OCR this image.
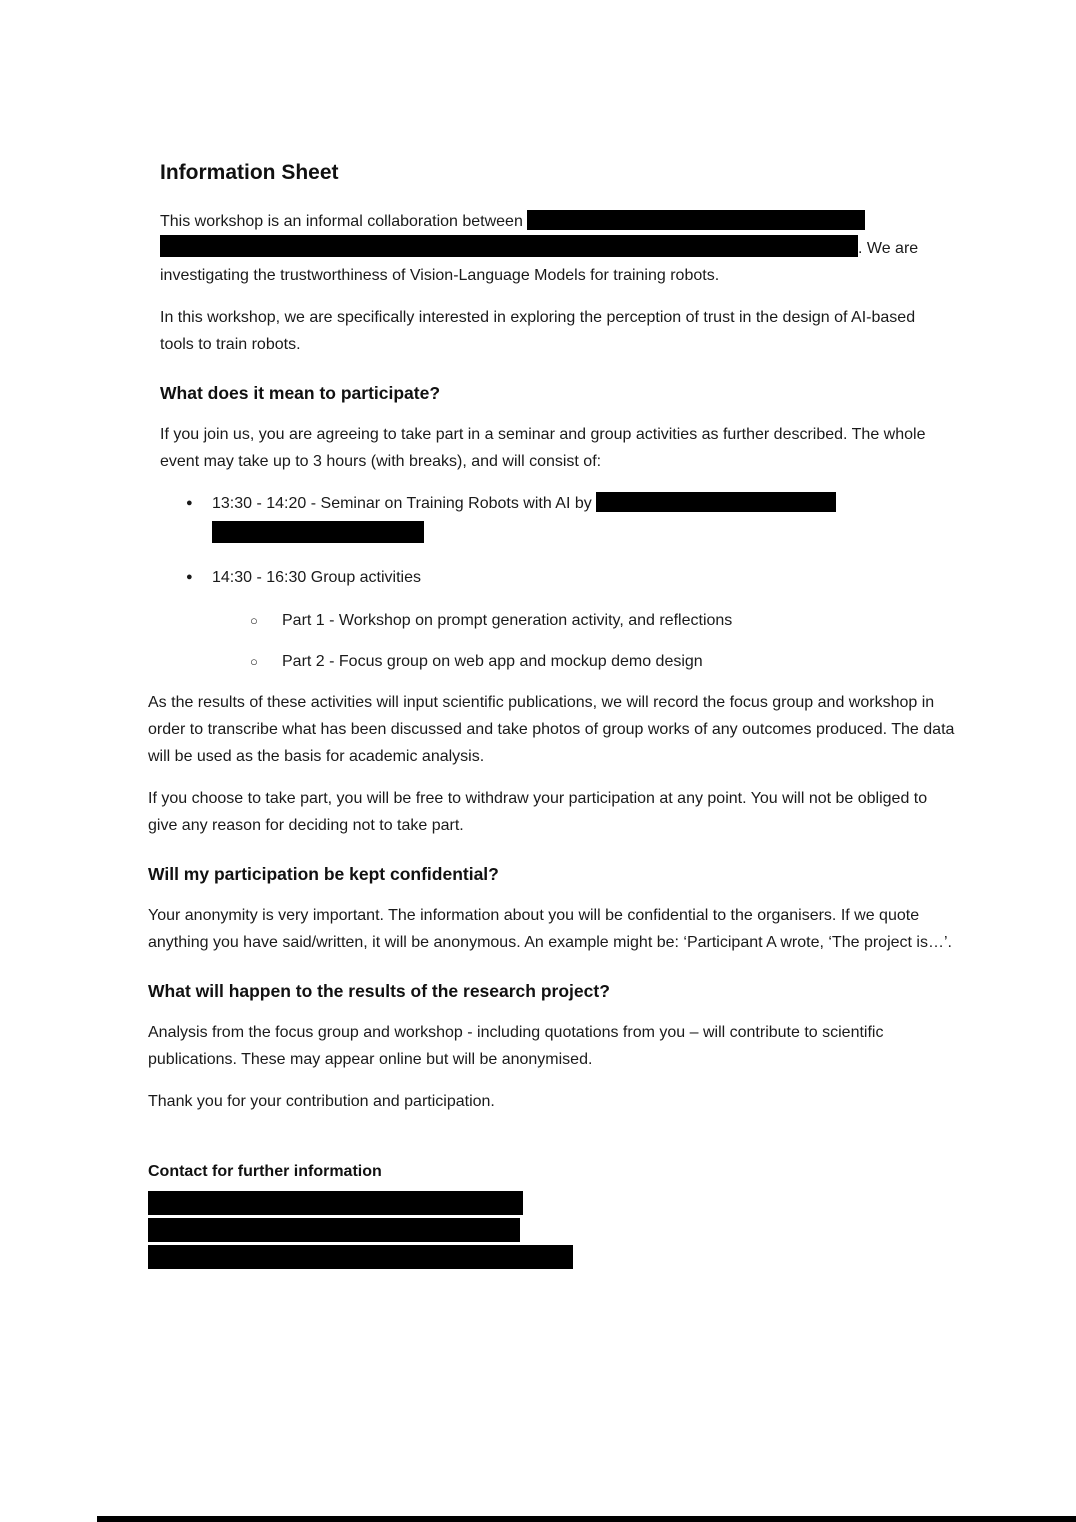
Information Sheet

This workshop is an informal collaboration between  . We are investigating the trustworthiness of Vision-Language Models for training robots.

In this workshop, we are specifically interested in exploring the perception of trust in the design of AI-based tools to train robots.

What does it mean to participate?

If you join us, you are agreeing to take part in a seminar and group activities as further described. The whole event may take up to 3 hours (with breaks), and will consist of:

● 13:30 - 14:20 - Seminar on Training Robots with AI by

● 14:30 - 16:30 Group activities
○ Part 1 - Workshop on prompt generation activity, and reflections
○ Part 2 - Focus group on web app and mockup demo design

As the results of these activities will input scientific publications, we will record the focus group and workshop in order to transcribe what has been discussed and take photos of group works of any outcomes produced. The data will be used as the basis for academic analysis.

If you choose to take part, you will be free to withdraw your participation at any point. You will not be obliged to give any reason for deciding not to take part.

Will my participation be kept confidential?

Your anonymity is very important. The information about you will be confidential to the organisers. If we quote anything you have said/written, it will be anonymous. An example might be: ‘Participant A wrote, ‘The project is…’.

What will happen to the results of the research project?

Analysis from the focus group and workshop - including quotations from you – will contribute to scientific publications. These may appear online but will be anonymised.

Thank you for your contribution and participation.

Contact for further information
